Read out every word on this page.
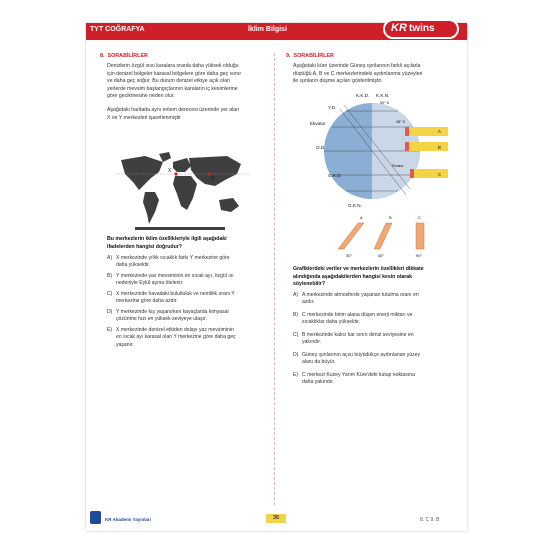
TYT COĞRAFYA	İklim Bilgisi	KR twins
8. SORABİLİRLER
Denizlerin özgül ısısı karalara oranla daha yüksek olduğu
için denizel bölgeler karasal bölgelere göre daha geç ısınır
ve daha geç soğur. Bu durum denizel etkiye açık olan
yerlerde mevsim başlangıçlarının karaların iç kesimlerine
göre gecikmesine neden olur.
Aşağıdaki haritada aynı enlem derecesi üzerinde yer alan
X ve Y merkezleri işaretlenmiştir
X
Y
Bu merkezlerin iklim özellikleriyle ilgili aşağıdaki
ifadelerden hangisi doğrudur?
A) X merkezinde yıllık sıcaklık farkı Y merkezine göre
daha yüksektir.
B) Y merkezinde yaz mevsiminin en sıcak ayı, özgül ısı
nedeniyle Eylül ayına ötelenir.
C) X merkezinde havadaki bulutluluk ve nemlilik oranı Y
merkezine göre daha azdır.
D) Y merkezinde kış yaşanırken kayaçlarda kimyasal
çözünme hızı en yüksek seviyeye ulaşır.
E) X merkezinde denizel etkiden dolayı yaz mevsiminin
en sıcak ayı karasal olan Y merkezine göre daha geç
yaşanır.
9. SORABİLİRLER
Aşağıdaki küre üzerinde Güneş ışınlarının farklı açılarla
düştüğü A, B ve C merkezlerindeki aydınlanma yüzeyleri
ile ışınların düşme açıları gösterilmiştir.
K.K.D. K.K.N.
90° K
Y.D.
45° K
Ekvator
O.D.
Ekvator
G.K.D.
G.K.N.
A
B
C
A	B	C
30°	45°	90°
Grafiklerdeki veriler ve merkezlerin özellikleri dikkate
alındığında aşağıdakilerden hangisi kesin olarak
söylenebilir?
A) A merkezinde atmosferde yaşanan tutulma oranı en
azdır.
B) C merkezinde birim alana düşen enerji miktarı ve
sıcaklıklar daha yüksektir.
C) B merkezinde kalıcı kar sınırı deniz seviyesine en
yakındır.
D) Güneş ışınlarının açısı büyüdükçe aydınlanan yüzey
alanı da büyür.
E) C merkezi Kuzey Yarım Küre'deki kutup noktasına
daha yakındır.
KR Akademi Yayınları	35	8. C 9. B
